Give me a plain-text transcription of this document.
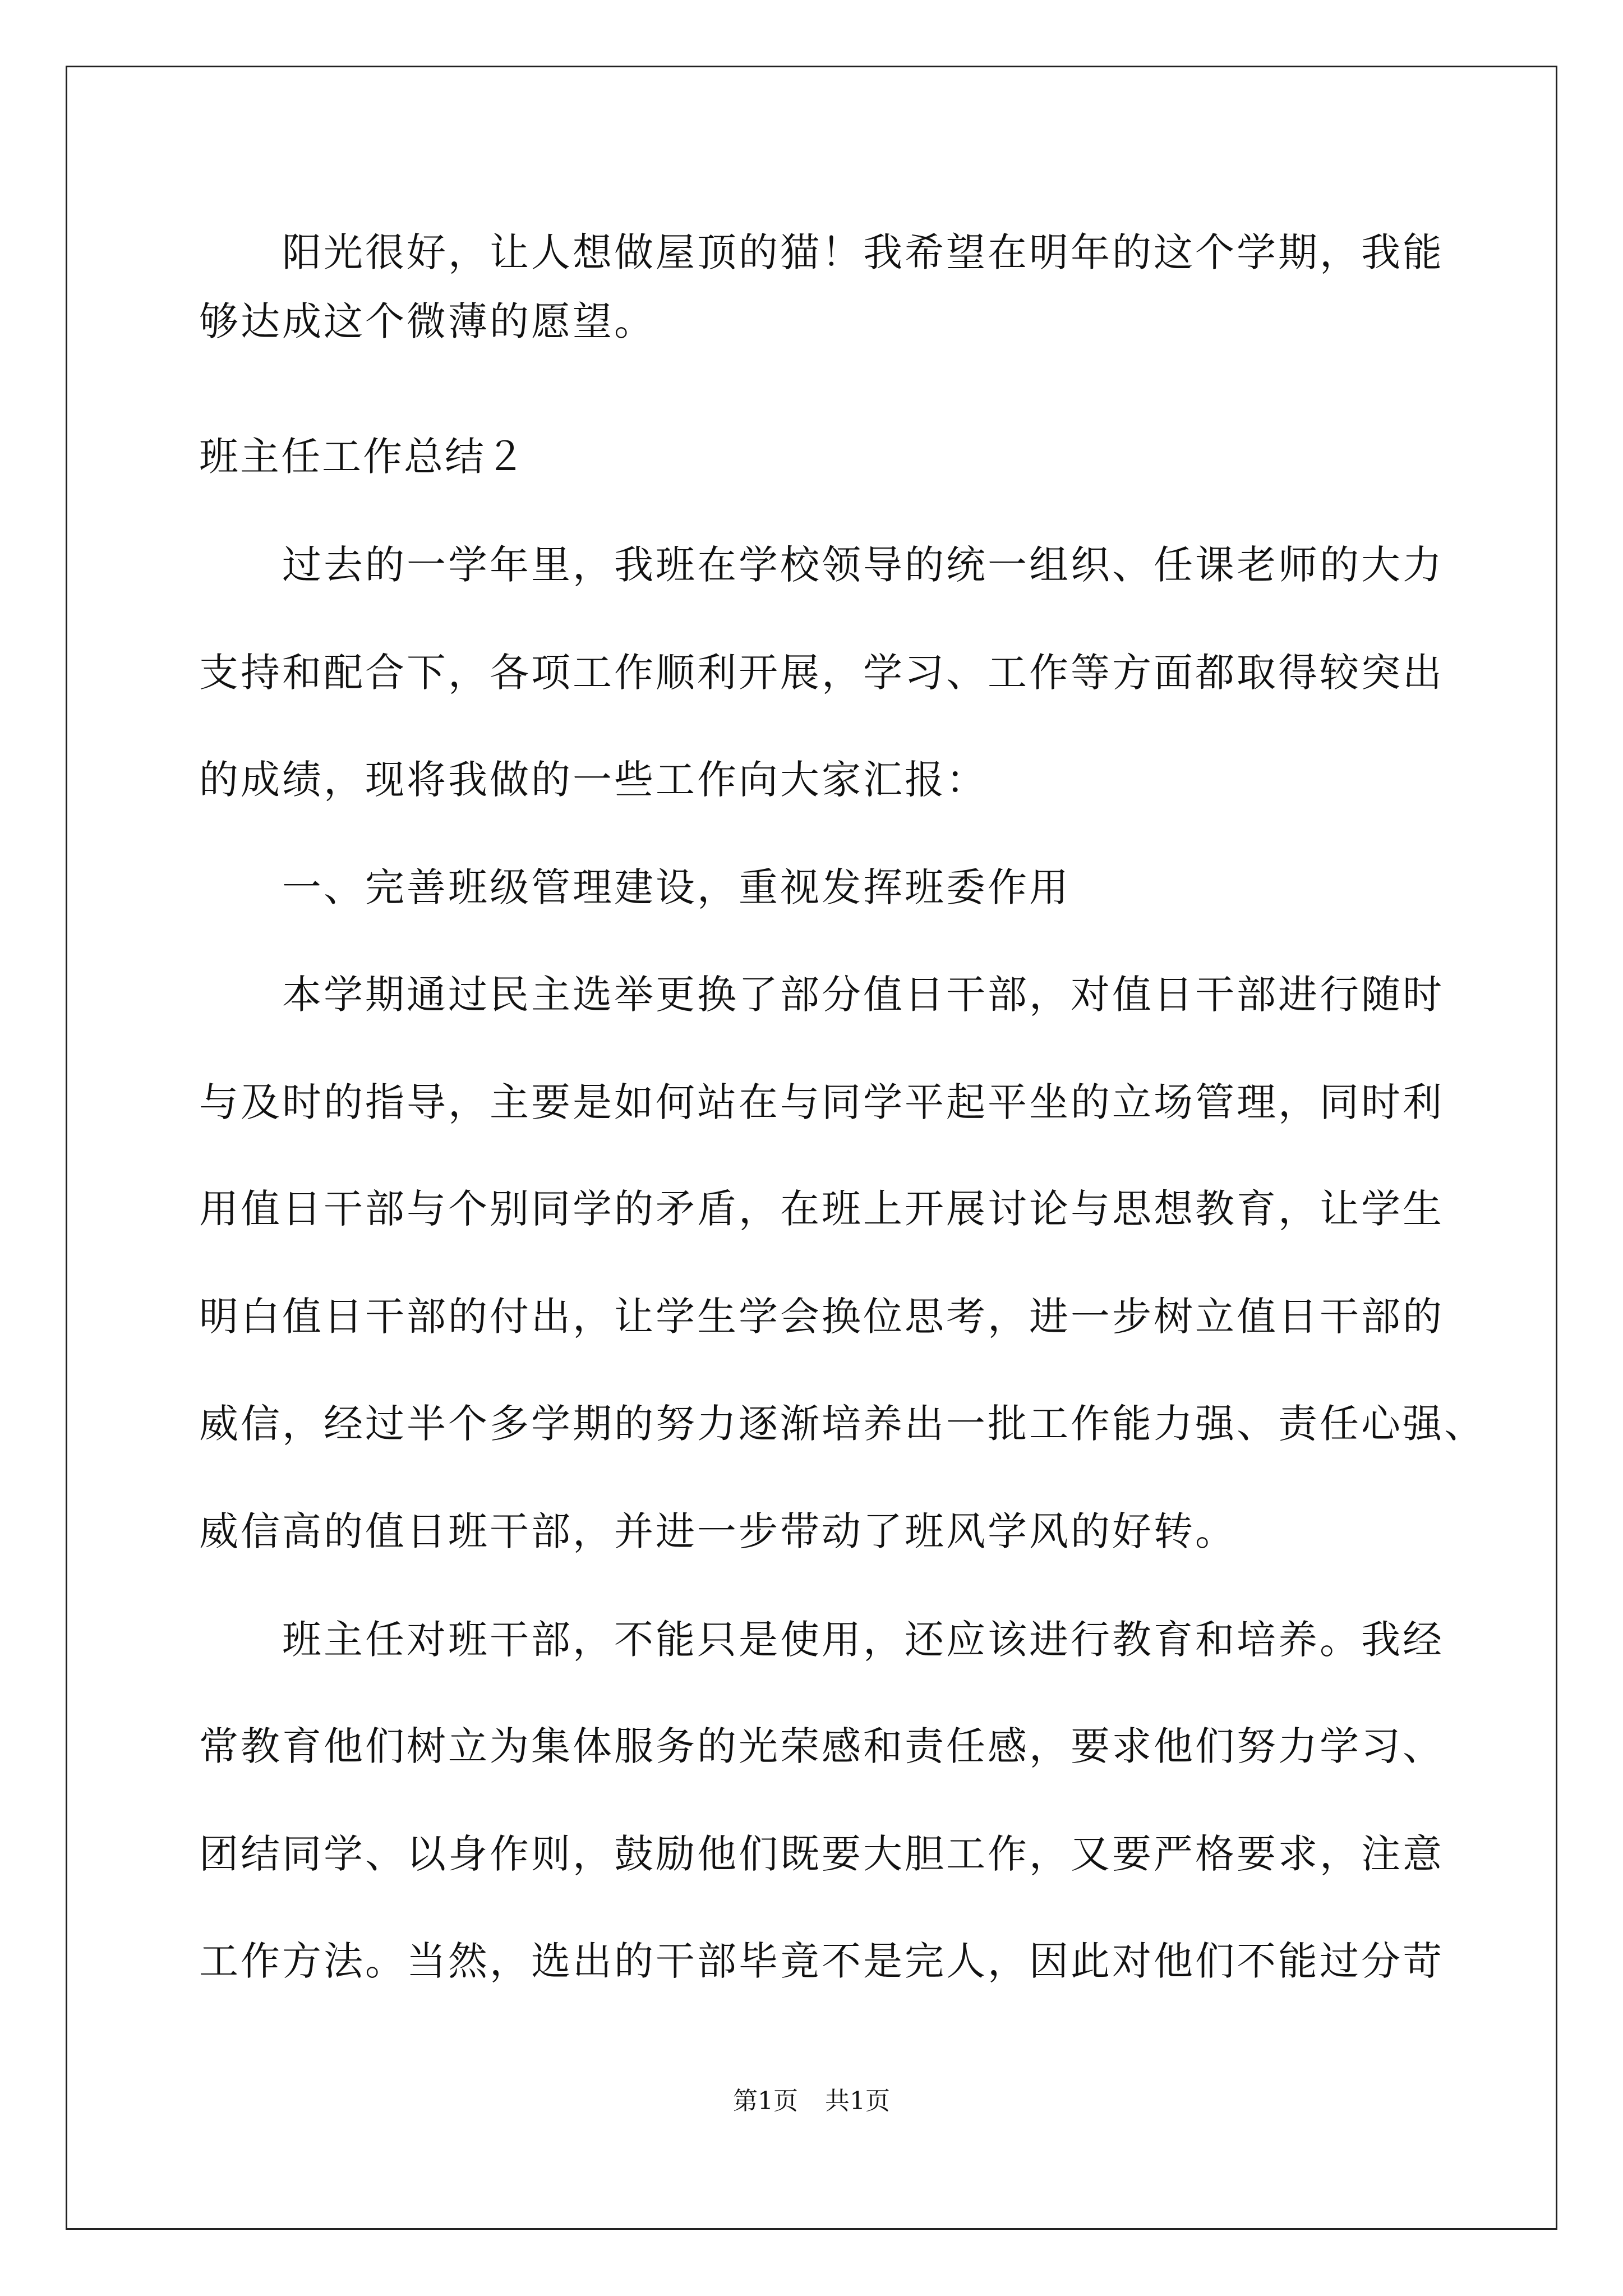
阳光很好，让人想做屋顶的猫！我希望在明年的这个学期，我能

够达成这个微薄的愿望。

班主任工作总结２

过去的一学年里，我班在学校领导的统一组织、任课老师的大力

支持和配合下，各项工作顺利开展，学习、工作等方面都取得较突出

的成绩，现将我做的一些工作向大家汇报：

一、完善班级管理建设，重视发挥班委作用

本学期通过民主选举更换了部分值日干部，对值日干部进行随时

与及时的指导，主要是如何站在与同学平起平坐的立场管理，同时利

用值日干部与个别同学的矛盾，在班上开展讨论与思想教育，让学生

明白值日干部的付出，让学生学会换位思考，进一步树立值日干部的

威信，经过半个多学期的努力逐渐培养出一批工作能力强、责任心强、

威信高的值日班干部，并进一步带动了班风学风的好转。

班主任对班干部，不能只是使用，还应该进行教育和培养。我经

常教育他们树立为集体服务的光荣感和责任感，要求他们努力学习、

团结同学、以身作则，鼓励他们既要大胆工作，又要严格要求，注意

工作方法。当然，选出的干部毕竟不是完人，因此对他们不能过分苛

第1页 共1页
